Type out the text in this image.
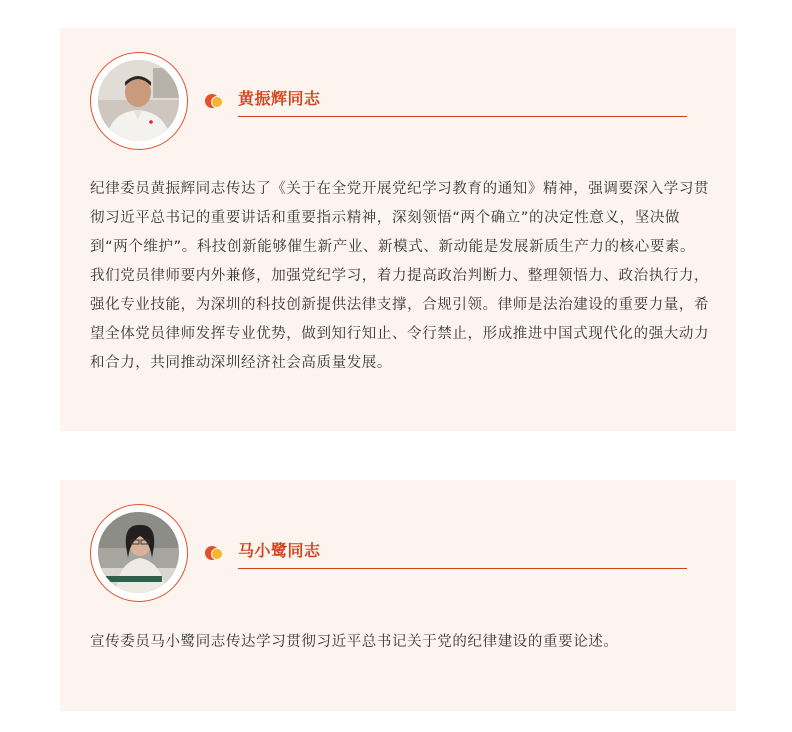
黄振辉同志

纪律委员黄振辉同志传达了《关于在全党开展党纪学习教育的通知》精神，强调要深入学习贯彻习近平总书记的重要讲话和重要指示精神，深刻领悟“两个确立”的决定性意义，坚决做到“两个维护”。科技创新能够催生新产业、新模式、新动能是发展新质生产力的核心要素。我们党员律师要内外兼修，加强党纪学习，着力提高政治判断力、整理领悟力、政治执行力，强化专业技能，为深圳的科技创新提供法律支撑，合规引领。律师是法治建设的重要力量，希望全体党员律师发挥专业优势，做到知行知止、令行禁止，形成推进中国式现代化的强大动力和合力，共同推动深圳经济社会高质量发展。

马小鹭同志

宣传委员马小鹭同志传达学习贯彻习近平总书记关于党的纪律建设的重要论述。
